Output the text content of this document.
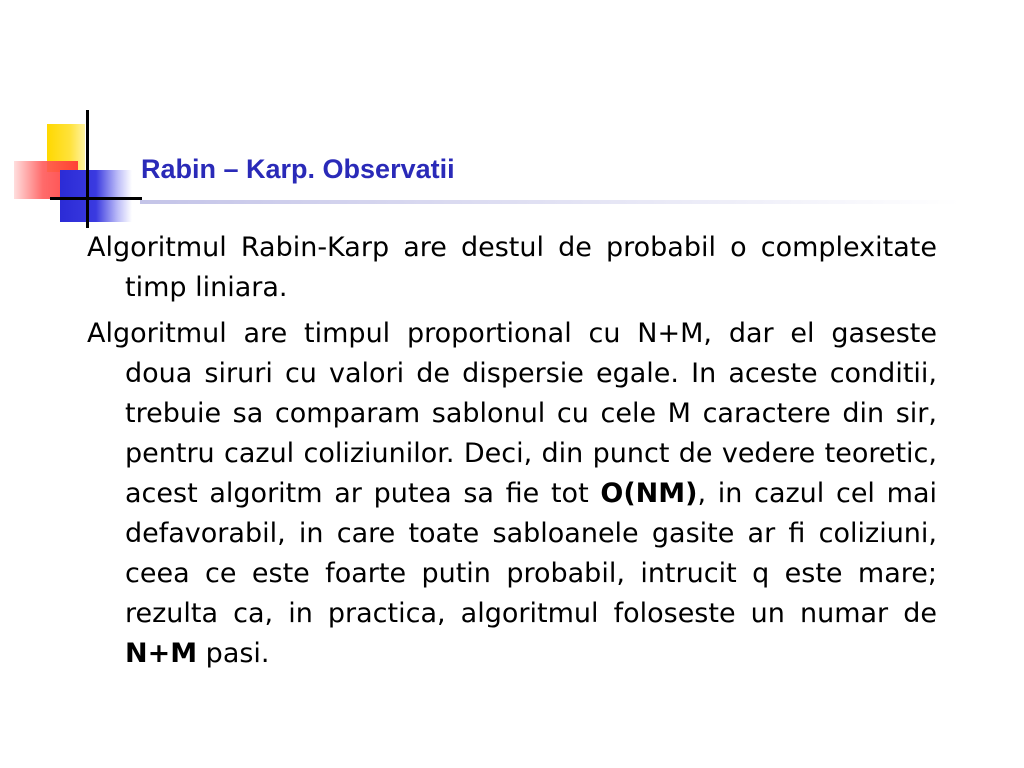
Rabin – Karp. Observatii

Algoritmul Rabin-Karp are destul de probabil o complexitate timp liniara.

Algoritmul are timpul proportional cu N+M, dar el gaseste doua siruri cu valori de dispersie egale. In aceste conditii, trebuie sa comparam sablonul cu cele M caractere din sir, pentru cazul coliziunilor. Deci, din punct de vedere teoretic, acest algoritm ar putea sa fie tot O(NM), in cazul cel mai defavorabil, in care toate sabloanele gasite ar fi coliziuni, ceea ce este foarte putin probabil, intrucit q este mare; rezulta ca, in practica, algoritmul foloseste un numar de N+M pasi.
